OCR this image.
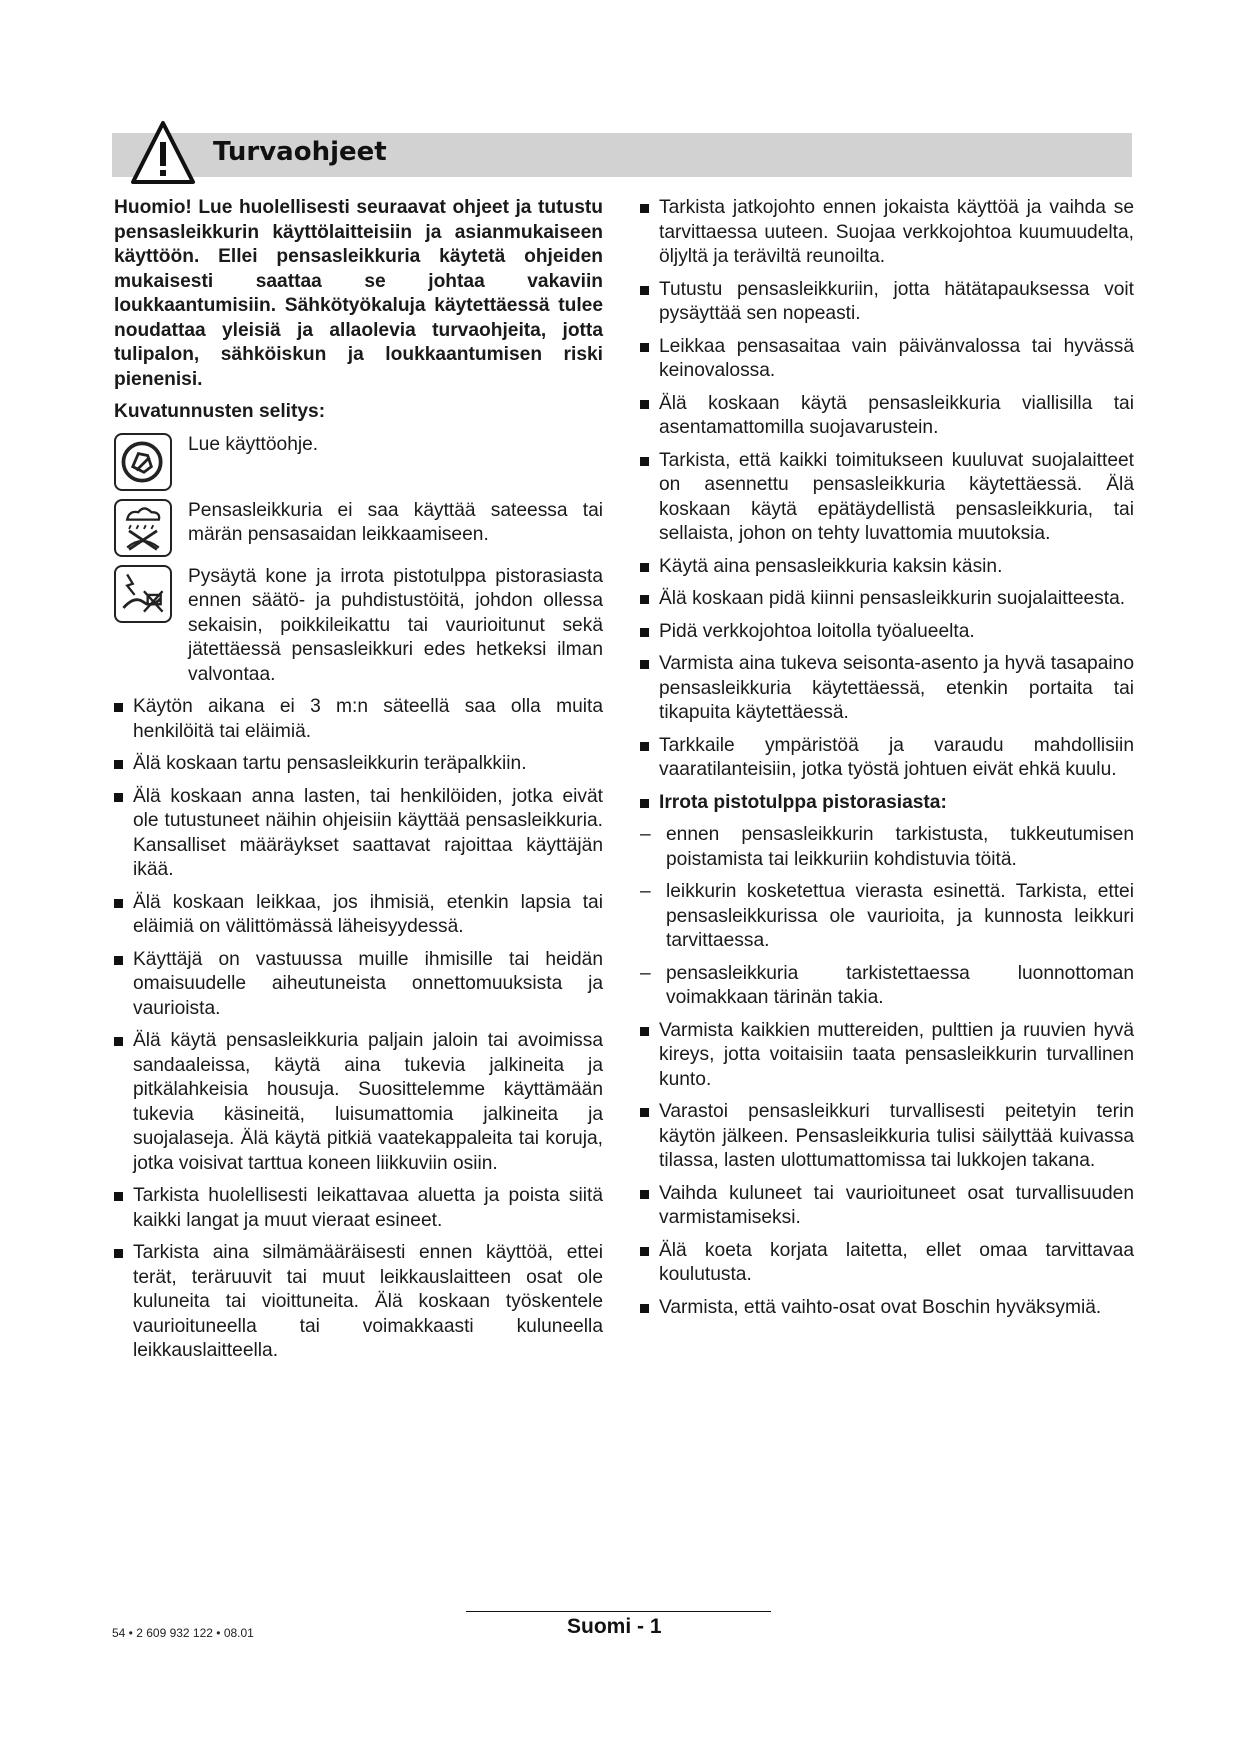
Turvaohjeet

Huomio! Lue huolellisesti seuraavat ohjeet ja tutustu pensasleikkurin käyttölaitteisiin ja asianmukaiseen käyttöön. Ellei pensasleikkuria käytetä ohjeiden mukaisesti saattaa se johtaa vakaviin loukkaantumisiin. Sähkötyökaluja käytettäessä tulee noudattaa yleisiä ja allaolevia turvaohjeita, jotta tulipalon, sähköiskun ja loukkaantumisen riski pienenisi.

Kuvatunnusten selitys:

Lue käyttöohje.

Pensasleikkuria ei saa käyttää sateessa tai märän pensasaidan leikkaamiseen.

Pysäytä kone ja irrota pistotulppa pistorasiasta ennen säätö- ja puhdistustöitä, johdon ollessa sekaisin, poikkileikattu tai vaurioitunut sekä jätettäessä pensasleikkuri edes hetkeksi ilman valvontaa.

Käytön aikana ei 3 m:n säteellä saa olla muita henkilöitä tai eläimiä.

Älä koskaan tartu pensasleikkurin teräpalkkiin.

Älä koskaan anna lasten, tai henkilöiden, jotka eivät ole tutustuneet näihin ohjeisiin käyttää pensasleikkuria. Kansalliset määräykset saattavat rajoittaa käyttäjän ikää.

Älä koskaan leikkaa, jos ihmisiä, etenkin lapsia tai eläimiä on välittömässä läheisyydessä.

Käyttäjä on vastuussa muille ihmisille tai heidän omaisuudelle aiheutuneista onnettomuuksista ja vaurioista.

Älä käytä pensasleikkuria paljain jaloin tai avoimissa sandaaleissa, käytä aina tukevia jalkineita ja pitkälahkeisia housuja. Suosittelemme käyttämään tukevia käsineitä, luisumattomia jalkineita ja suojalaseja. Älä käytä pitkiä vaatekappaleita tai koruja, jotka voisivat tarttua koneen liikkuviin osiin.

Tarkista huolellisesti leikattavaa aluetta ja poista siitä kaikki langat ja muut vieraat esineet.

Tarkista aina silmämääräisesti ennen käyttöä, ettei terät, teräruuvit tai muut leikkauslaitteen osat ole kuluneita tai vioittuneita. Älä koskaan työskentele vaurioituneella tai voimakkaasti kuluneella leikkauslaitteella.

Tarkista jatkojohto ennen jokaista käyttöä ja vaihda se tarvittaessa uuteen. Suojaa verkkojohtoa kuumuudelta, öljyltä ja teräviltä reunoilta.

Tutustu pensasleikkuriin, jotta hätätapauksessa voit pysäyttää sen nopeasti.

Leikkaa pensasaitaa vain päivänvalossa tai hyvässä keinovalossa.

Älä koskaan käytä pensasleikkuria viallisilla tai asentamattomilla suojavarustein.

Tarkista, että kaikki toimitukseen kuuluvat suojalaitteet on asennettu pensasleikkuria käytettäessä. Älä koskaan käytä epätäydellistä pensasleikkuria, tai sellaista, johon on tehty luvattomia muutoksia.

Käytä aina pensasleikkuria kaksin käsin.

Älä koskaan pidä kiinni pensasleikkurin suojalaitteesta.

Pidä verkkojohtoa loitolla työalueelta.

Varmista aina tukeva seisonta-asento ja hyvä tasapaino pensasleikkuria käytettäessä, etenkin portaita tai tikapuita käytettäessä.

Tarkkaile ympäristöä ja varaudu mahdollisiin vaaratilanteisiin, jotka työstä johtuen eivät ehkä kuulu.

Irrota pistotulppa pistorasiasta:

– ennen pensasleikkurin tarkistusta, tukkeutumisen poistamista tai leikkuriin kohdistuvia töitä.

– leikkurin kosketettua vierasta esinettä. Tarkista, ettei pensasleikkurissa ole vaurioita, ja kunnosta leikkuri tarvittaessa.

– pensasleikkuria tarkistettaessa luonnottoman voimakkaan tärinän takia.

Varmista kaikkien muttereiden, pulttien ja ruuvien hyvä kireys, jotta voitaisiin taata pensasleikkurin turvallinen kunto.

Varastoi pensasleikkuri turvallisesti peitetyin terin käytön jälkeen. Pensasleikkuria tulisi säilyttää kuivassa tilassa, lasten ulottumattomissa tai lukkojen takana.

Vaihda kuluneet tai vaurioituneet osat turvallisuuden varmistamiseksi.

Älä koeta korjata laitetta, ellet omaa tarvittavaa koulutusta.

Varmista, että vaihto-osat ovat Boschin hyväksymiä.

54 • 2 609 932 122 • 08.01	Suomi - 1
